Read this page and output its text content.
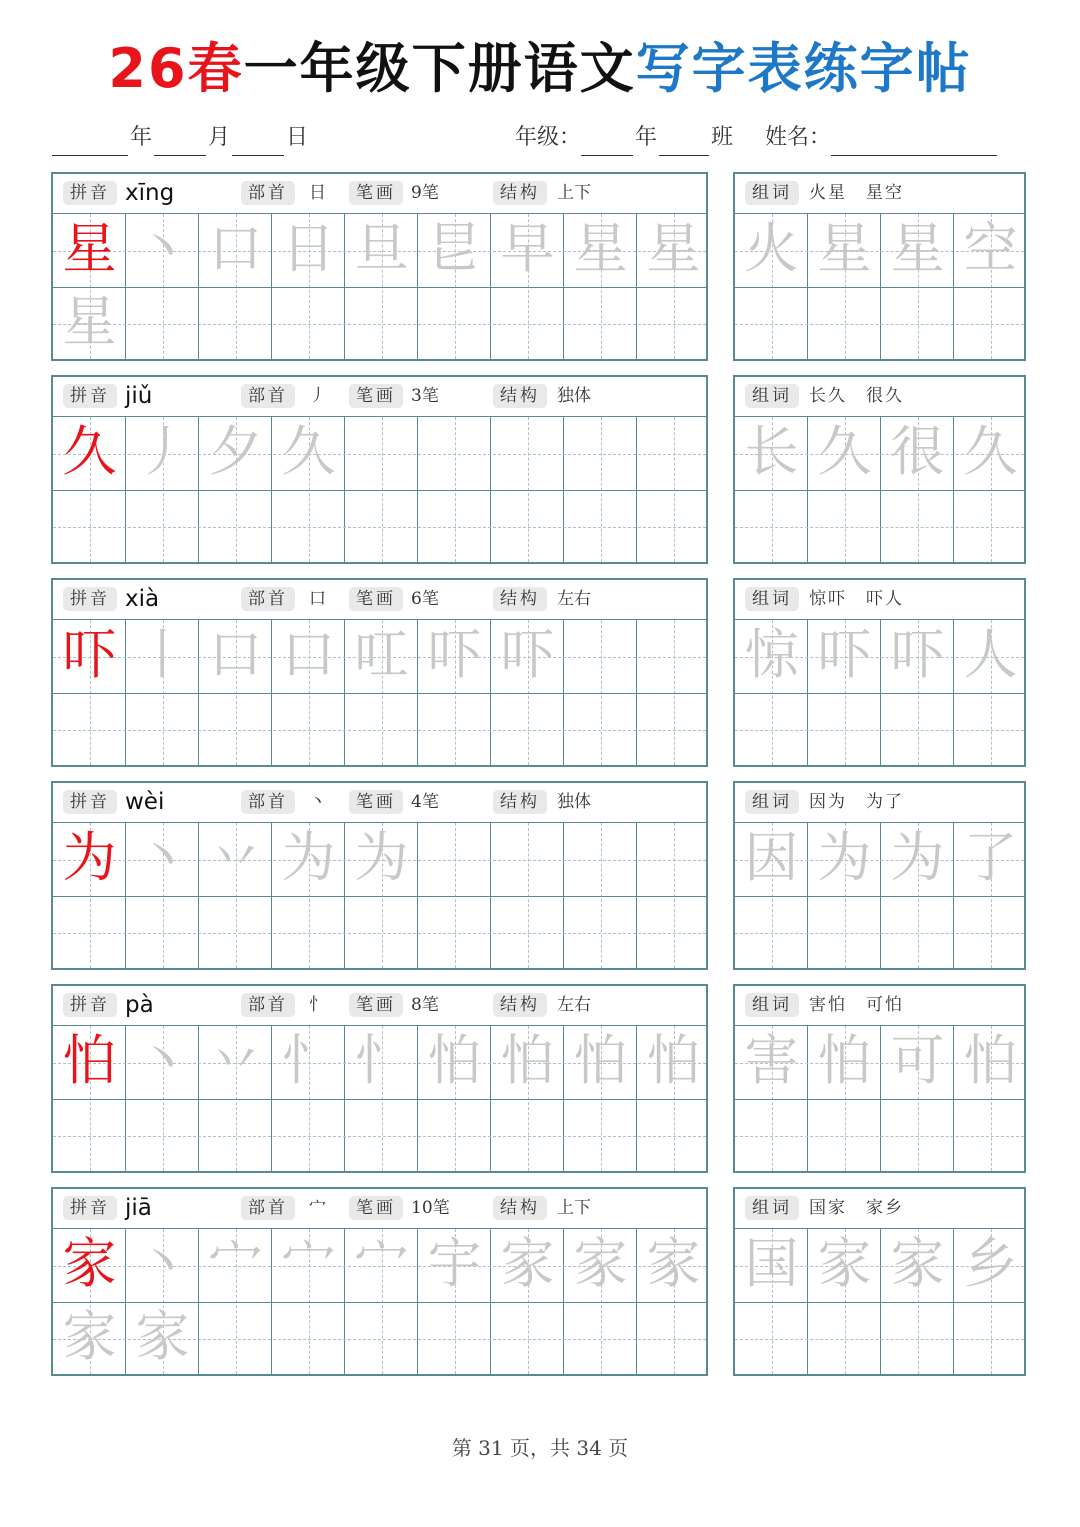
26春一年级下册语文写字表练字帖
年	月	日	年级： 年 班 姓名：
拼音 xīng	部首	日	笔画 9笔	结构	上下
星 丶 口 日 旦 㫐 早 星 星
星
组词	火星　星空
火 星 星 空
拼音 jiǔ	部首	丿	笔画 3笔	结构	独体
久 丿 夕 久
组词	长久　很久
长 久 很 久
拼音 xià	部首	口	笔画 6笔	结构	左右
吓 丨 口 口 叿 吓 吓
组词	惊吓　吓人
惊 吓 吓 人
拼音 wèi	部首	丶	笔画 4笔	结构	独体
为 丶 丷 为 为
组词	因为　为了
因 为 为 了
拼音 pà	部首	忄	笔画 8笔	结构	左右
怕 丶 丷 忄 忄 怕 怕 怕 怕
组词	害怕　可怕
害 怕 可 怕
拼音 jiā	部首	宀	笔画 10笔	结构	上下
家 丶 宀 宀 宀 宇 家 家 家
家 家
组词	国家　家乡
国 家 家 乡
第 31 页，共 34 页
